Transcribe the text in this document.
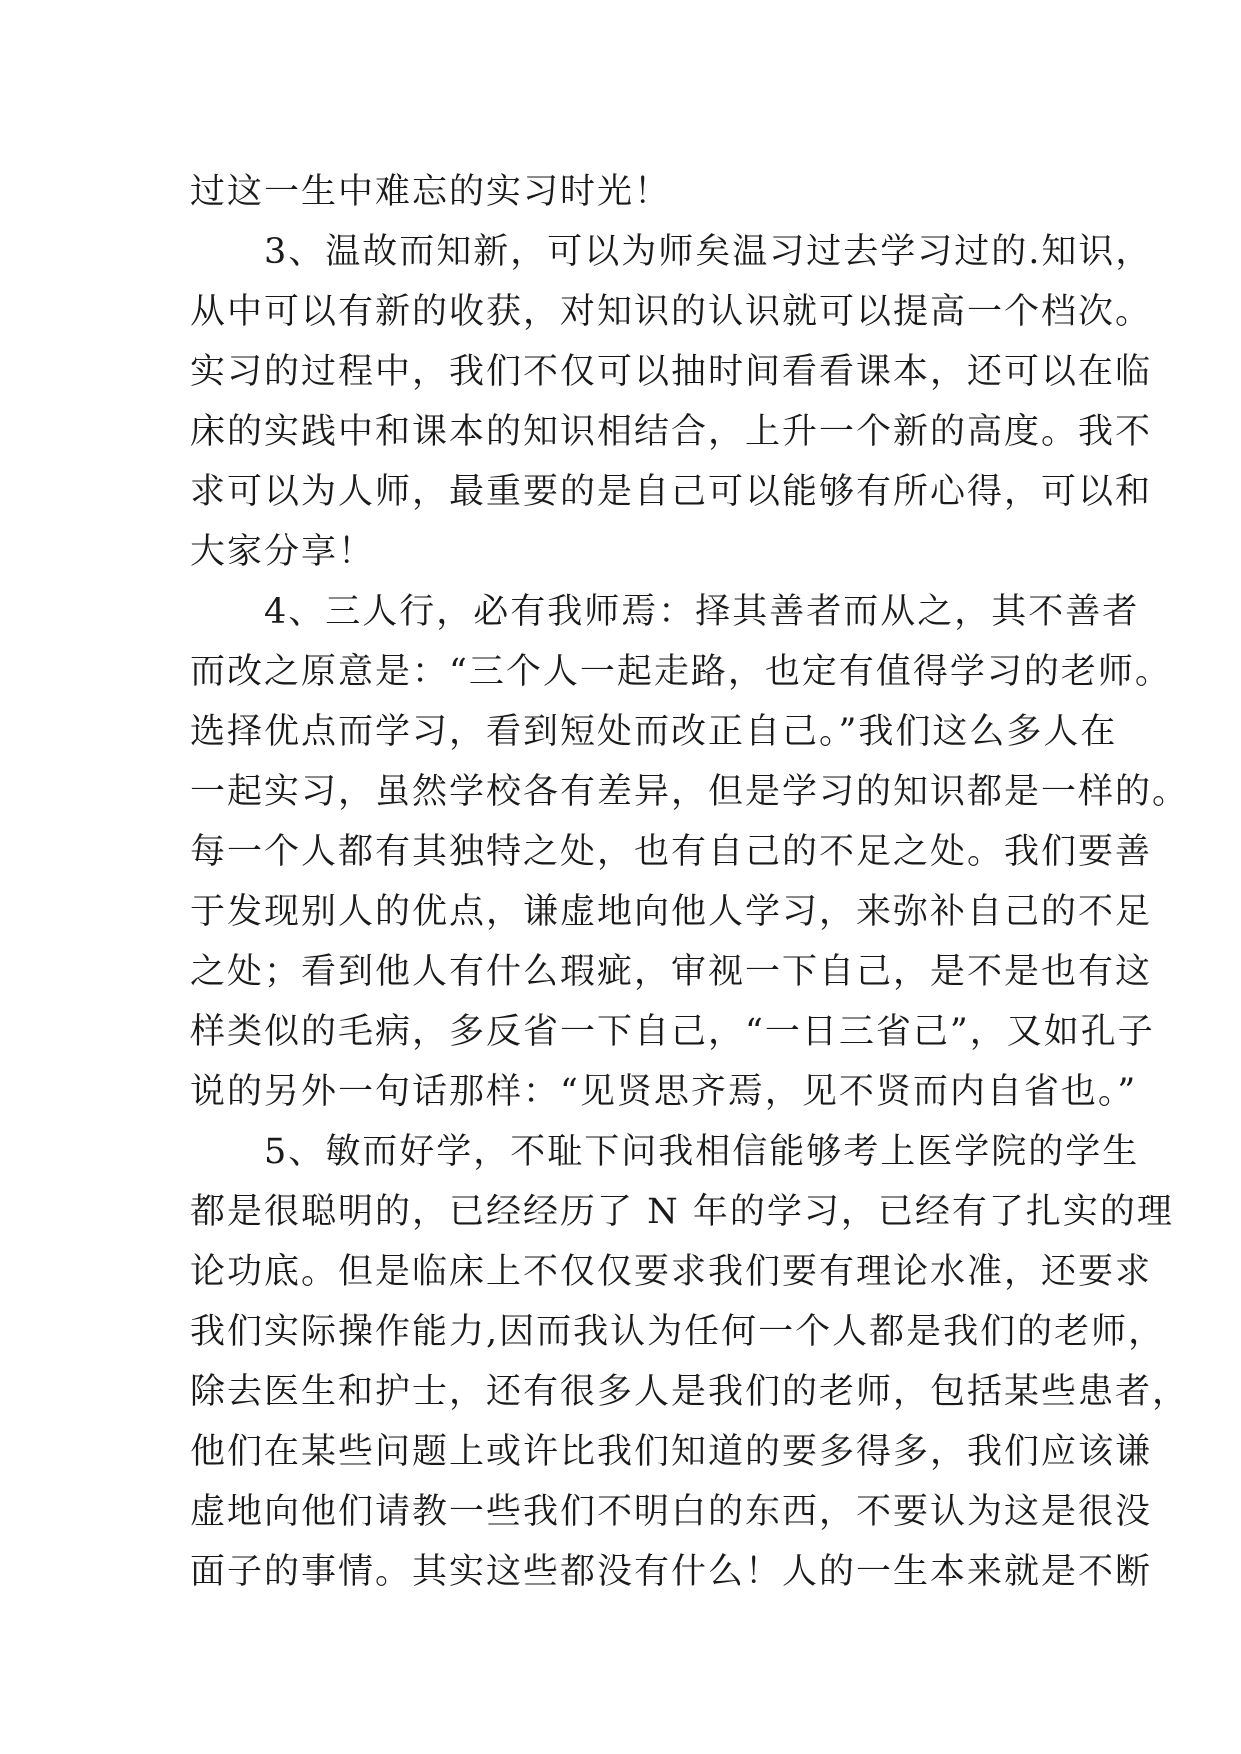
过这一生中难忘的实习时光！
　　3、温故而知新，可以为师矣温习过去学习过的.知识，
从中可以有新的收获，对知识的认识就可以提高一个档次。
实习的过程中，我们不仅可以抽时间看看课本，还可以在临
床的实践中和课本的知识相结合，上升一个新的高度。我不
求可以为人师，最重要的是自己可以能够有所心得，可以和
大家分享！
　　4、三人行，必有我师焉：择其善者而从之，其不善者
而改之原意是：“三个人一起走路，也定有值得学习的老师。
选择优点而学习，看到短处而改正自己。”我们这么多人在
一起实习，虽然学校各有差异，但是学习的知识都是一样的。
每一个人都有其独特之处，也有自己的不足之处。我们要善
于发现别人的优点，谦虚地向他人学习，来弥补自己的不足
之处；看到他人有什么瑕疵，审视一下自己，是不是也有这
样类似的毛病，多反省一下自己，“一日三省己”，又如孔子
说的另外一句话那样：“见贤思齐焉，见不贤而内自省也。”
　　5、敏而好学，不耻下问我相信能够考上医学院的学生
都是很聪明的，已经经历了 N 年的学习，已经有了扎实的理
论功底。但是临床上不仅仅要求我们要有理论水准，还要求
我们实际操作能力,因而我认为任何一个人都是我们的老师，
除去医生和护士，还有很多人是我们的老师，包括某些患者，
他们在某些问题上或许比我们知道的要多得多，我们应该谦
虚地向他们请教一些我们不明白的东西，不要认为这是很没
面子的事情。其实这些都没有什么！人的一生本来就是不断
